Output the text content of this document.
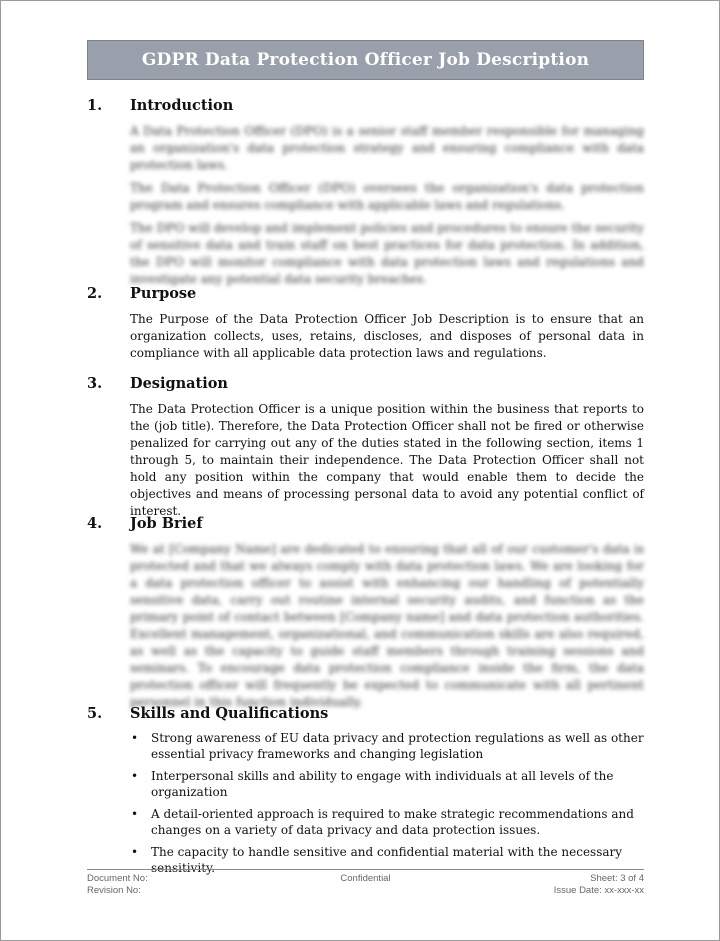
GDPR Data Protection Officer Job Description
1.	Introduction

A Data Protection Officer (DPO) is a senior staff member responsible for managing an organization's data protection strategy and ensuring compliance with data protection laws.

The Data Protection Officer (DPO) oversees the organization's data protection program and ensures compliance with applicable laws and regulations.

The DPO will develop and implement policies and procedures to ensure the security of sensitive data and train staff on best practices for data protection. In addition, the DPO will monitor compliance with data protection laws and regulations and investigate any potential data security breaches.

2.	Purpose

The Purpose of the Data Protection Officer Job Description is to ensure that an organization collects, uses, retains, discloses, and disposes of personal data in compliance with all applicable data protection laws and regulations.

3.	Designation

The Data Protection Officer is a unique position within the business that reports to the (job title). Therefore, the Data Protection Officer shall not be fired or otherwise penalized for carrying out any of the duties stated in the following section, items 1 through 5, to maintain their independence. The Data Protection Officer shall not hold any position within the company that would enable them to decide the objectives and means of processing personal data to avoid any potential conflict of interest.

4.	Job Brief

We at [Company Name] are dedicated to ensuring that all of our customer's data is protected and that we always comply with data protection laws. We are looking for a data protection officer to assist with enhancing our handling of potentially sensitive data, carry out routine internal security audits, and function as the primary point of contact between [Company name] and data protection authorities. Excellent management, organizational, and communication skills are also required, as well as the capacity to guide staff members through training sessions and seminars. To encourage data protection compliance inside the firm, the data protection officer will frequently be expected to communicate with all pertinent personnel in this function individually.

5.	Skills and Qualifications
• Strong awareness of EU data privacy and protection regulations as well as other essential privacy frameworks and changing legislation
• Interpersonal skills and ability to engage with individuals at all levels of the organization
• A detail-oriented approach is required to make strategic recommendations and changes on a variety of data privacy and data protection issues.
• The capacity to handle sensitive and confidential material with the necessary sensitivity.
Document No:	Confidential	Sheet: 3 of 4
Revision No:	Issue Date: xx-xxx-xx
